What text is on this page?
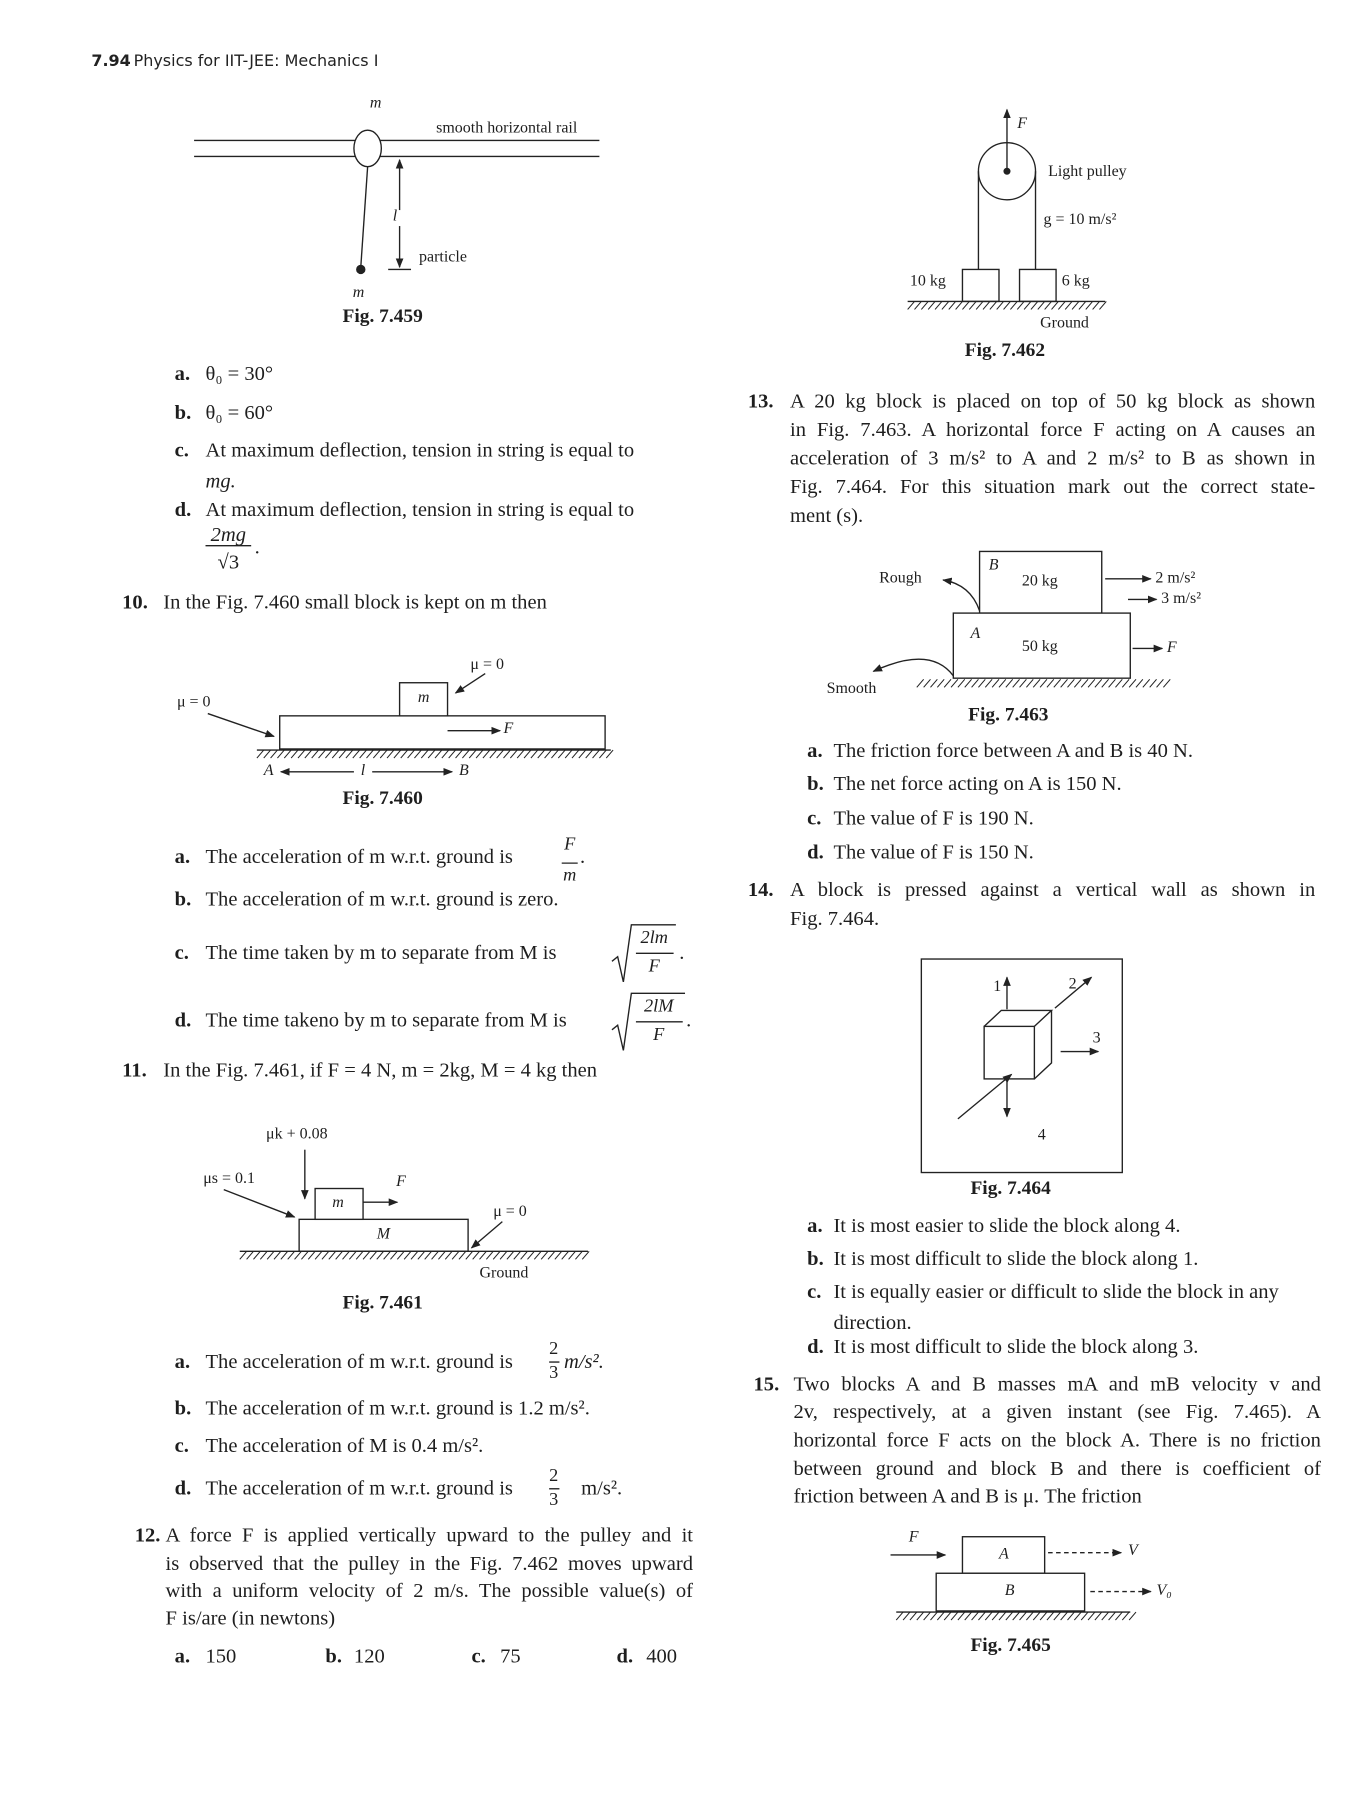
7.94 Physics for IIT-JEE: Mechanics I
m
smooth horizontal rail
l
particle
m
Fig. 7.459
a. θ₀ = 30°
b. θ₀ = 60°
c. At maximum deflection, tension in string is equal to
mg.
d. At maximum deflection, tension in string is equal to
2mg
√3
.
10. In the Fig. 7.460 small block is kept on m then
μ = 0
μ = 0
m
F
A	l	B
Fig. 7.460
a. The acceleration of m w.r.t. ground is
F
m
.
b. The acceleration of m w.r.t. ground is zero.
c. The time taken by m to separate from M is
2lm
F
.
d. The time takeno by m to separate from M is
2lM
F
.
11. In the Fig. 7.461, if F = 4 N, m = 2kg, M = 4 kg then
μk + 0.08
μs = 0.1
m
F
M
μ = 0
Ground
Fig. 7.461
a. The acceleration of m w.r.t. ground is
2
3
m/s².
b. The acceleration of m w.r.t. ground is 1.2 m/s².
c. The acceleration of M is 0.4 m/s².
d. The acceleration of m w.r.t. ground is
2
3
m/s².
12. A force F is applied vertically upward to the pulley and it
is observed that the pulley in the Fig. 7.462 moves upward
with a uniform velocity of 2 m/s. The possible value(s) of
F is/are (in newtons)
a. 150	b. 120	c. 75	d. 400
F
Light pulley
g = 10 m/s²
10 kg	6 kg
Ground
Fig. 7.462
13. A 20 kg block is placed on top of 50 kg block as shown
in Fig. 7.463. A horizontal force F acting on A causes an
acceleration of 3 m/s² to A and 2 m/s² to B as shown in
Fig. 7.464. For this situation mark out the correct state-
ment (s).
Rough
Smooth
B
20 kg
A
50 kg
2 m/s²
3 m/s²
F
Fig. 7.463
a. The friction force between A and B is 40 N.
b. The net force acting on A is 150 N.
c. The value of F is 190 N.
d. The value of F is 150 N.
14. A block is pressed against a vertical wall as shown in
Fig. 7.464.
1	2
3
4
Fig. 7.464
a. It is most easier to slide the block along 4.
b. It is most difficult to slide the block along 1.
c. It is equally easier or difficult to slide the block in any
direction.
d. It is most difficult to slide the block along 3.
15. Two blocks A and B masses mA and mB velocity v and
2v, respectively, at a given instant (see Fig. 7.465). A
horizontal force F acts on the block A. There is no friction
between ground and block B and there is coefficient of
friction between A and B is μ. The friction
F
A
B
V
V₀
Fig. 7.465
